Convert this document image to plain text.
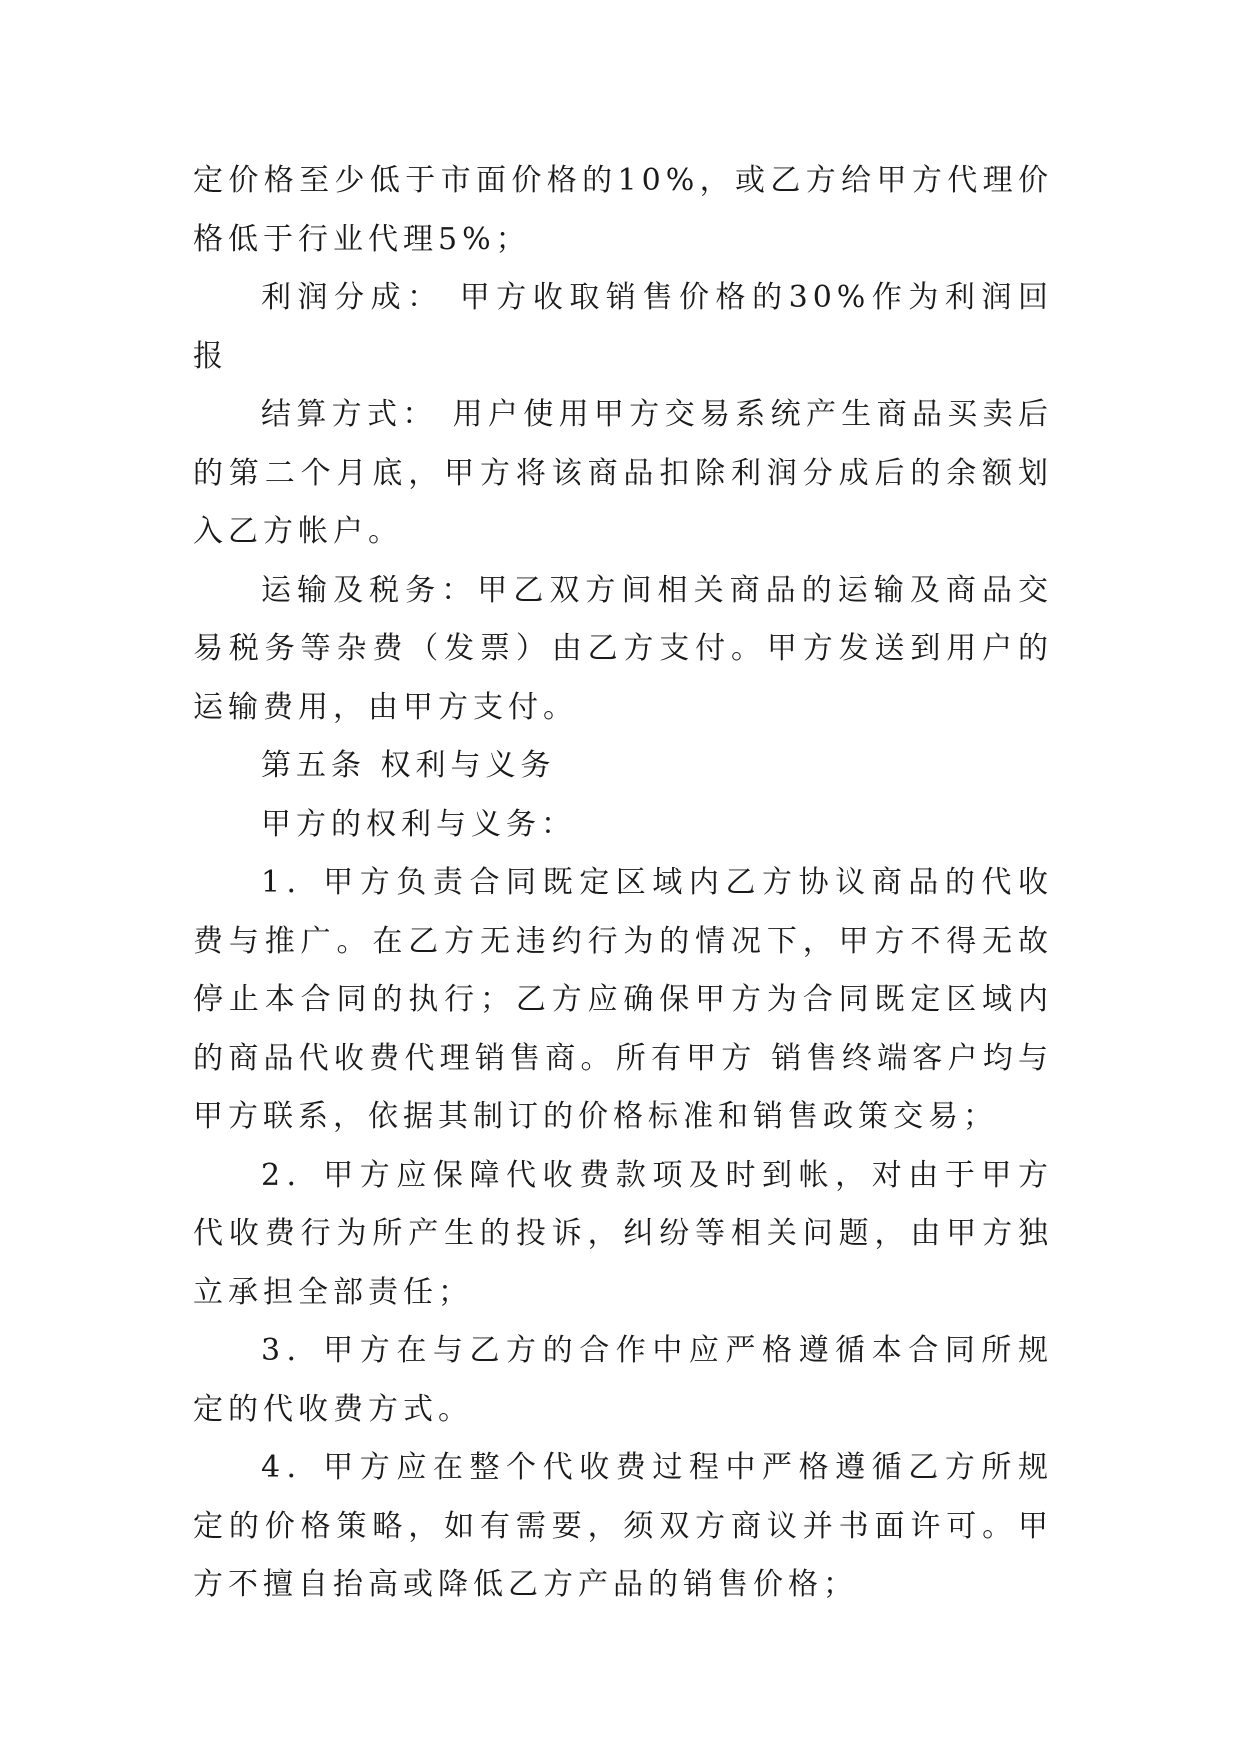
定价格至少低于市面价格的10%，或乙方给甲方代理价格低于行业代理5%；

利润分成： 甲方收取销售价格的30%作为利润回报

结算方式： 用户使用甲方交易系统产生商品买卖后的第二个月底，甲方将该商品扣除利润分成后的余额划入乙方帐户。

运输及税务：甲乙双方间相关商品的运输及商品交易税务等杂费（发票）由乙方支付。甲方发送到用户的运输费用，由甲方支付。

第五条 权利与义务

甲方的权利与义务：

1．甲方负责合同既定区域内乙方协议商品的代收费与推广。在乙方无违约行为的情况下，甲方不得无故停止本合同的执行；乙方应确保甲方为合同既定区域内的商品代收费代理销售商。所有甲方 销售终端客户均与甲方联系，依据其制订的价格标准和销售政策交易；

2．甲方应保障代收费款项及时到帐，对由于甲方代收费行为所产生的投诉，纠纷等相关问题，由甲方独立承担全部责任；

3．甲方在与乙方的合作中应严格遵循本合同所规定的代收费方式。

4．甲方应在整个代收费过程中严格遵循乙方所规定的价格策略，如有需要，须双方商议并书面许可。甲方不擅自抬高或降低乙方产品的销售价格；
